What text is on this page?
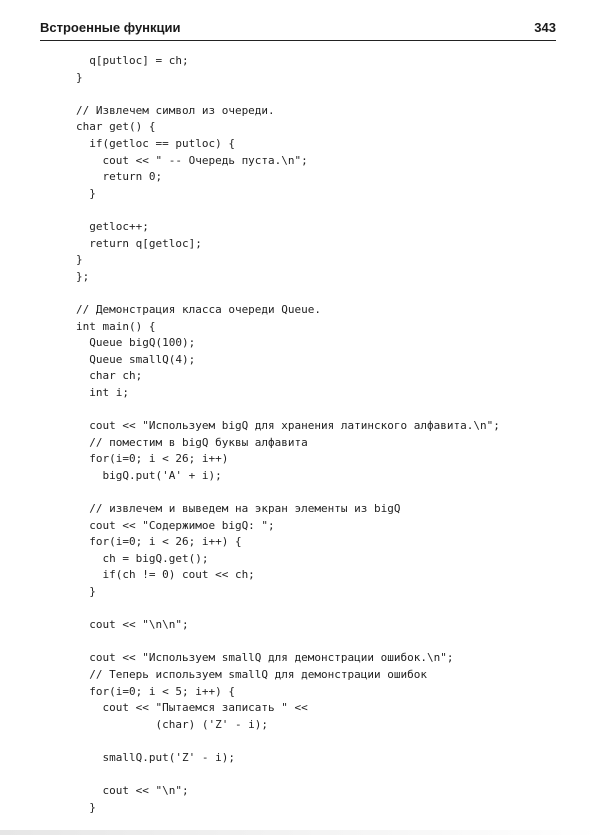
Встроенные функции	343
q[putloc] = ch;
}
// Извлечем символ из очереди.
char get() {
if(getloc == putloc) {
cout << " -- Очередь пуста.\n";
return 0;
}
getloc++;
return q[getloc];
}
};
// Демонстрация класса очереди Queue.
int main() {
Queue bigQ(100);
Queue smallQ(4);
char ch;
int i;
cout << "Используем bigQ для хранения латинского алфавита.\n";
// поместим в bigQ буквы алфавита
for(i=0; i < 26; i++)
bigQ.put('A' + i);
// извлечем и выведем на экран элементы из bigQ
cout << "Содержимое bigQ: ";
for(i=0; i < 26; i++) {
ch = bigQ.get();
if(ch != 0) cout << ch;
}
cout << "\n\n";
cout << "Используем smallQ для демонстрации ошибок.\n";
// Теперь используем smallQ для демонстрации ошибок
for(i=0; i < 5; i++) {
cout << "Пытаемся записать " <<
(char) ('Z' - i);
smallQ.put('Z' - i);
cout << "\n";
}
